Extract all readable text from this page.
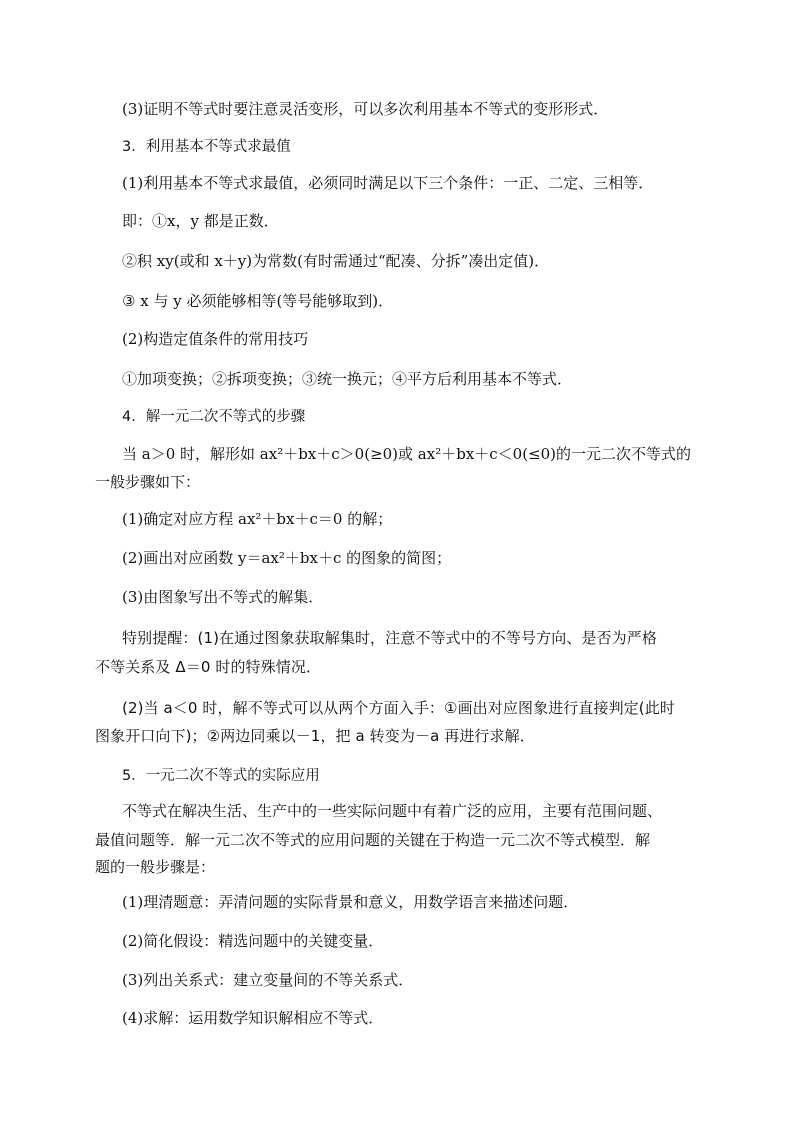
(3)证明不等式时要注意灵活变形，可以多次利用基本不等式的变形形式．
3．利用基本不等式求最值
(1)利用基本不等式求最值，必须同时满足以下三个条件：一正、二定、三相等．
即：①x，y 都是正数．
②积 xy(或和 x＋y)为常数(有时需通过“配凑、分拆”凑出定值)．
③ x 与 y 必须能够相等(等号能够取到)．
(2)构造定值条件的常用技巧
①加项变换；②拆项变换；③统一换元；④平方后利用基本不等式．
4．解一元二次不等式的步骤
当 a＞0 时，解形如 ax²＋bx＋c＞0(≥0)或 ax²＋bx＋c＜0(≤0)的一元二次不等式的
一般步骤如下：
(1)确定对应方程 ax²＋bx＋c＝0 的解；
(2)画出对应函数 y＝ax²＋bx＋c 的图象的简图；
(3)由图象写出不等式的解集．
特别提醒：(1)在通过图象获取解集时，注意不等式中的不等号方向、是否为严格
不等关系及 Δ＝0 时的特殊情况．
(2)当 a＜0 时，解不等式可以从两个方面入手：①画出对应图象进行直接判定(此时
图象开口向下)；②两边同乘以－1，把 a 转变为－a 再进行求解．
5．一元二次不等式的实际应用
不等式在解决生活、生产中的一些实际问题中有着广泛的应用，主要有范围问题、
最值问题等．解一元二次不等式的应用问题的关键在于构造一元二次不等式模型．解
题的一般步骤是：
(1)理清题意：弄清问题的实际背景和意义，用数学语言来描述问题．
(2)简化假设：精选问题中的关键变量．
(3)列出关系式：建立变量间的不等关系式．
(4)求解：运用数学知识解相应不等式．
